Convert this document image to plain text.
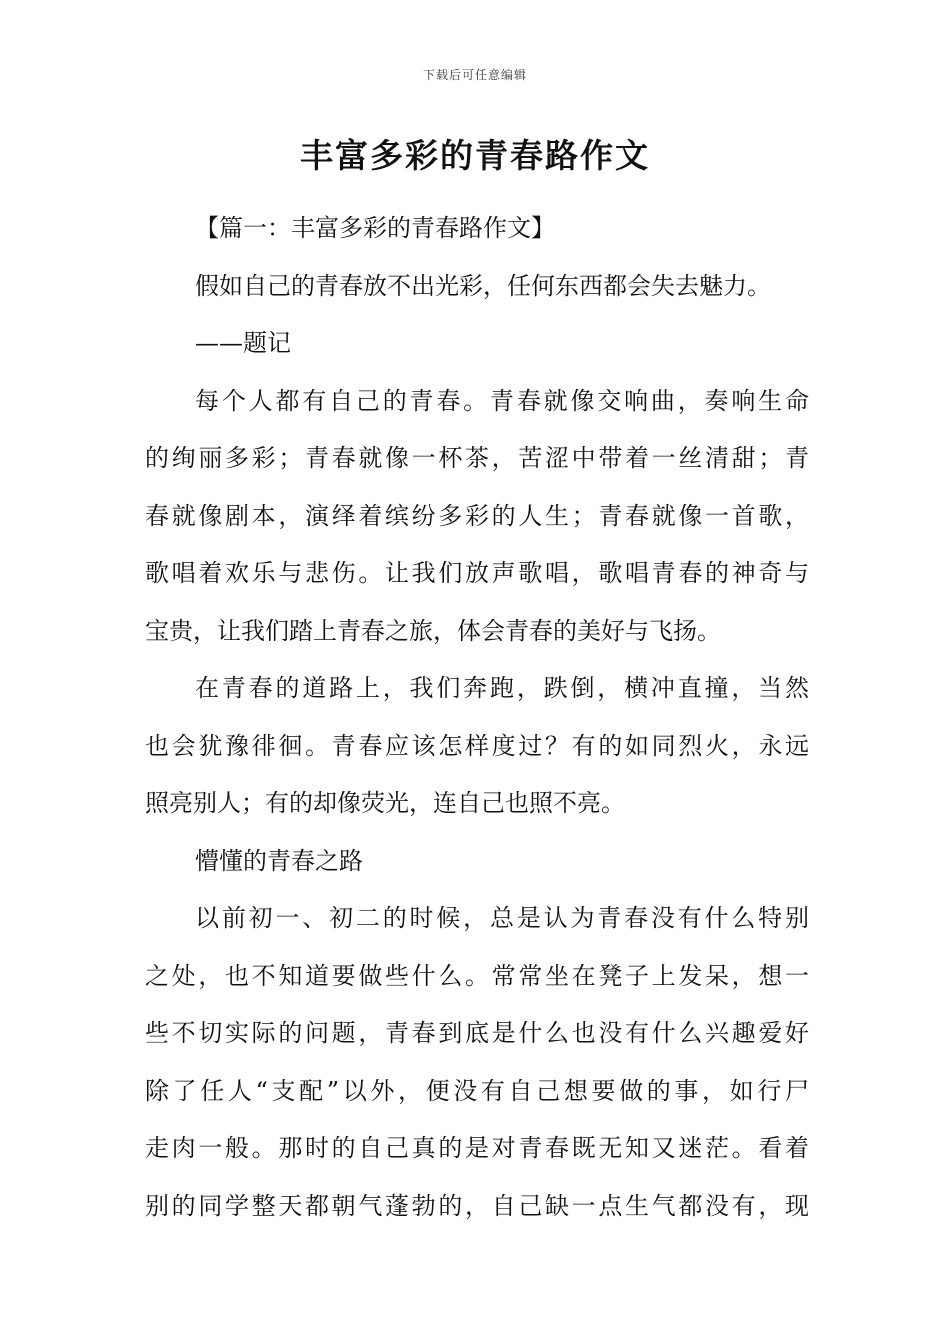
下载后可任意编辑
丰富多彩的青春路作文
【篇一：丰富多彩的青春路作文】
假如自己的青春放不出光彩，任何东西都会失去魅力。
——题记
每个人都有自己的青春。青春就像交响曲，奏响生命
的绚丽多彩；青春就像一杯茶，苦涩中带着一丝清甜；青
春就像剧本，演绎着缤纷多彩的人生；青春就像一首歌，
歌唱着欢乐与悲伤。让我们放声歌唱，歌唱青春的神奇与
宝贵，让我们踏上青春之旅，体会青春的美好与飞扬。
在青春的道路上，我们奔跑，跌倒，横冲直撞，当然
也会犹豫徘徊。青春应该怎样度过？有的如同烈火，永远
照亮别人；有的却像荧光，连自己也照不亮。
懵懂的青春之路
以前初一、初二的时候，总是认为青春没有什么特别
之处，也不知道要做些什么。常常坐在凳子上发呆，想一
些不切实际的问题，青春到底是什么也没有什么兴趣爱好
除了任人“支配”以外，便没有自己想要做的事，如行尸
走肉一般。那时的自己真的是对青春既无知又迷茫。看着
别的同学整天都朝气蓬勃的，自己缺一点生气都没有，现
